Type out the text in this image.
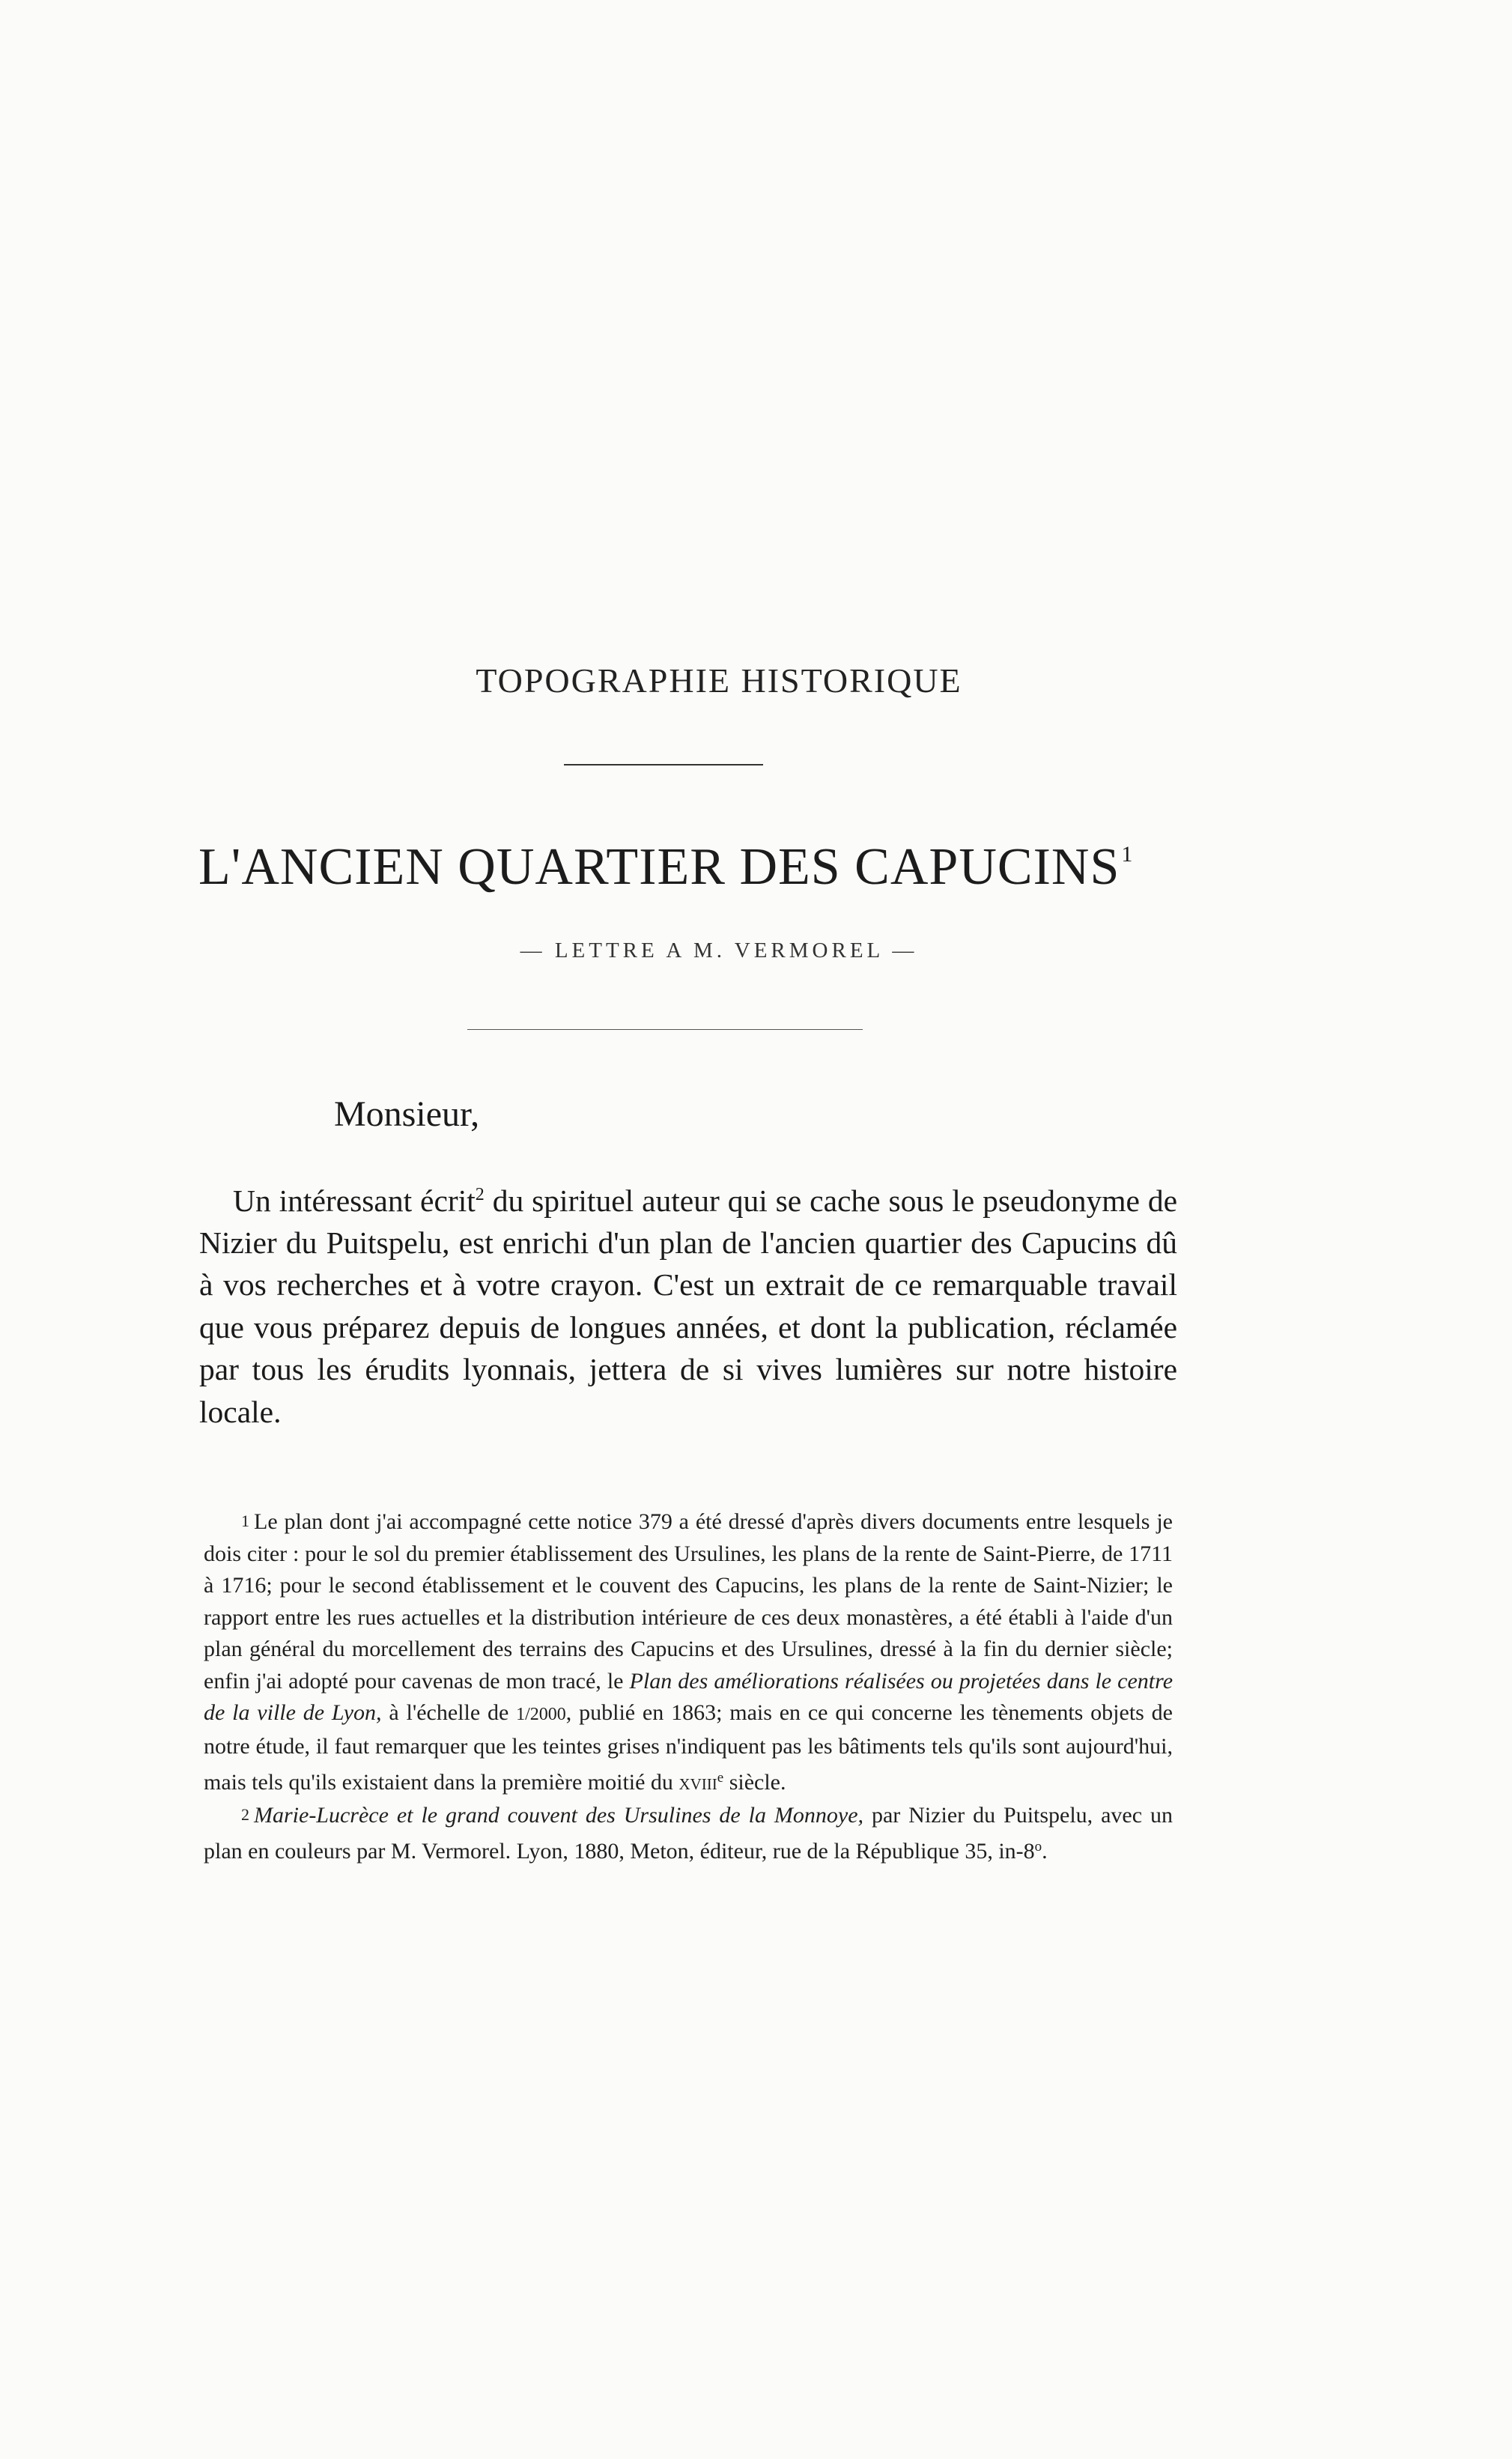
TOPOGRAPHIE HISTORIQUE
L'ANCIEN QUARTIER DES CAPUCINS$^1$
— LETTRE A M. VERMOREL —
Monsieur,

Un intéressant écrit$^2$ du spirituel auteur qui se cache sous le pseudonyme de Nizier du Puitspelu, est enrichi d'un plan de l'ancien quartier des Capucins dû à vos recherches et à votre crayon. C'est un extrait de ce remarquable travail que vous préparez depuis de longues années, et dont la publication, réclamée par tous les érudits lyonnais, jettera de si vives lumières sur notre histoire locale.

1 Le plan dont j'ai accompagné cette notice 379 a été dressé d'après divers documents entre lesquels je dois citer : pour le sol du premier établissement des Ursulines, les plans de la rente de Saint-Pierre, de 1711 à 1716; pour le second établissement et le couvent des Capucins, les plans de la rente de Saint-Nizier; le rapport entre les rues actuelles et la distribution intérieure de ces deux monastères, a été établi à l'aide d'un plan général du morcellement des terrains des Capucins et des Ursulines, dressé à la fin du dernier siècle; enfin j'ai adopté pour cavenas de mon tracé, le Plan des améliorations réalisées ou projetées dans le centre de la ville de Lyon, à l'échelle de 1/2000, publié en 1863; mais en ce qui concerne les tènements objets de notre étude, il faut remarquer que les teintes grises n'indiquent pas les bâtiments tels qu'ils sont aujourd'hui, mais tels qu'ils existaient dans la première moitié du xviii$^e$ siècle.

2 Marie-Lucrèce et le grand couvent des Ursulines de la Monnoye, par Nizier du Puitspelu, avec un plan en couleurs par M. Vermorel. Lyon, 1880, Meton, éditeur, rue de la République 35, in-8$^o$.
